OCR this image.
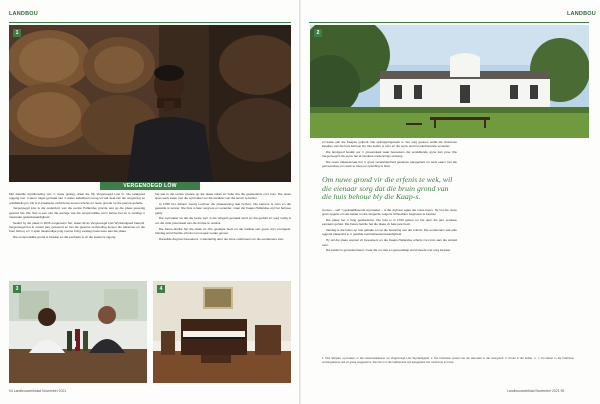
LANDBOU
1
VERGENOEGD LÖW

Met daardie wyndiensting van ‘n nuwe geslag, draai die bly Vergenoegd Löw in. Die landgoed opgerig met ‘n skuur nagel gemaak van ‘n water sabelboom terug uit wat deel van die omgewing se ontwikkeling is. Dit is in kreatiewe verbintenis tussen erfenis en nuwe gronde op die pad na gehalte.

Vergenoegd Löw is die ouderdom van die eerste Hollandse gronde wat op die plaas gevestig geword het. Die huis is een van die weinige wat die oorspronklike vorm behou het en is vandag ‘n nasionale gedenkwaardigheid.

Sedert hy die plaas in 2015 oorgeneem het, staan dit as Vergenoegd Löw Wynlandgoed bekend. Vergenoegd het in vroeër jare gewoond en het die gewone verhouding tussen die sakeman en die boer behou, en ‘n span deskundige jong mense bring vandag nuwe lewe aan die plaas.

Die oorspronklike grond is bewaar en die eenhede is vir die toekoms ingerig.

het wat in die eerste posisie op die plaas staan en hulle dra die geskiedenis met trots. Die nuwe span werk saam met die wynmaker om die karakter van die terroir te behou.

In 1788 het Johann Georg Lochner die plaaswoning laat herbou. Die kamers is ruim en die gewelde is versier. Die huis is later vergroot en verander, maar die Kaaps-Hollandse styl het behoue gebly.

Die wynmaker sê dat die beste wyn in die wingerd gemaak word en dat geduld en sorg nodig is om die volle potensiaal van die druiwe te ontsluit.

Die Faure-familie het die plaas vir drie geslagte besit en die tradisie van goeie wyn voortgesit. Vandag word hierdie erfenis met respek verder gevoer.

Dieselfde dag kan besoekers ‘n wandeling deur die tuine onderneem en die eendemars sien.

3	4
94 Landbouweekblad November 2021
LANDBOU
2

en kaste van die Kaapse tydperk. Die opknappingswerk is met sorg gedoen sodat die historiese karakter van die huis behoue bly. Die kelder is ruim en die wyne word in eikehoutvate verouder.

Die landgoed beskik oor ‘n proeelokaal waar besoekers die verskillende wyne kan proe. Die Vergenoegd Löw-wyne het al verskeie toekennings ontvang.

Die nuwe plaaseienaar het ‘n groot verskeidenheid gewasse aangeplant en werk saam met die gemeenskap om werk te skep en opleiding te bied.

Om nuwe grond vir die erfenis te wek, wil die eienaar sorg dat die bruin grond van die huis behoue bly die Kaap-s.

Cursus – self ‘n gekwalifiseerde wynmaker – is die dryfveer agter die nuwe koers. Hy het die nuwe span opgelei om die kelder en die wingerde volgens volhoubare beginsels te bestuur.

Die plaas het ‘n lang geskiedenis. Die huis is in 1700 gebou en het deur die jare verskeie eienaars gehad. Die Faure-familie het die plaas vir baie jare besit.

Vandag is die fokus op hoë gehalte en op die bewaring van die erfenis. Die eendemars wat elke oggend plaasvind is ‘n gewilde toeristebesienswaardigheid.

Hy wil die plaas oopstel vir besoekers en die Kaaps-Hollandse erfenis met trots aan die wêreld toon.

Die kelder is gemoderniseer, maar die ou vate en gereedskap word steeds met sorg bewaar.

1. Ntsi Sibiyalu, wynmaker, in die restourasiekamer op Vergenoegd Löw Wynlandgoed. 2. Die historiese opstal met die eike-laan in die voorgrond. 3. Proeë in die kelder. 4. ‘n Ou klavier in die historiese ontvangskamer wat vir gaste oopgestel is. Die tuin is in die tradisionele styl aangeplant met roosbome en kruie.
Landbouweekblad November 2021 95
